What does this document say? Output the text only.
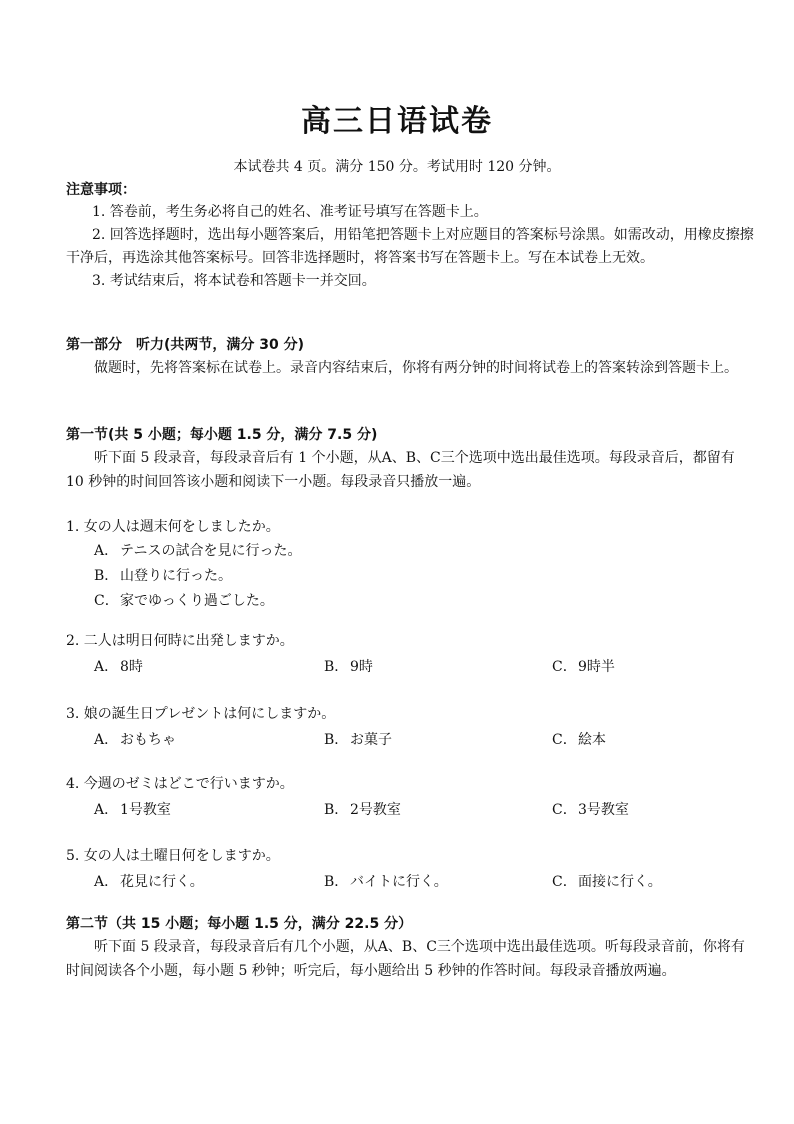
高三日语试卷
本试卷共 4 页。满分 150 分。考试用时 120 分钟。
注意事项：

1. 答卷前，考生务必将自己的姓名、准考证号填写在答题卡上。

2. 回答选择题时，选出每小题答案后，用铅笔把答题卡上对应题目的答案标号涂黑。如需改动，用橡皮擦擦干净后，再选涂其他答案标号。回答非选择题时，将答案书写在答题卡上。写在本试卷上无效。

3. 考试结束后，将本试卷和答题卡一并交回。

第一部分　听力(共两节，满分 30 分)

做题时，先将答案标在试卷上。录音内容结束后，你将有两分钟的时间将试卷上的答案转涂到答题卡上。

第一节(共 5 小题；每小题 1.5 分，满分 7.5 分)

听下面 5 段录音，每段录音后有 1 个小题，从A、B、C三个选项中选出最佳选项。每段录音后，都留有 10 秒钟的时间回答该小题和阅读下一小题。每段录音只播放一遍。

1. 女の人は週末何をしましたか。
A． テニスの試合を見に行った。
B． 山登りに行った。
C．家でゆっくり過ごした。
2. 二人は明日何時に出発しますか。
A． 8時	B． 9時	C．9時半
3. 娘の誕生日プレゼントは何にしますか。
A． おもちゃ	B． お菓子	C．絵本
4. 今週のゼミはどこで行いますか。
A． 1号教室	B． 2号教室	C．3号教室
5. 女の人は土曜日何をしますか。
A． 花見に行く。	B． バイトに行く。	C．面接に行く。
第二节（共 15 小题；每小题 1.5 分，满分 22.5 分）

听下面 5 段录音，每段录音后有几个小题，从A、B、C三个选项中选出最佳选项。听每段录音前，你将有时间阅读各个小题，每小题 5 秒钟；听完后，每小题给出 5 秒钟的作答时间。每段录音播放两遍。
